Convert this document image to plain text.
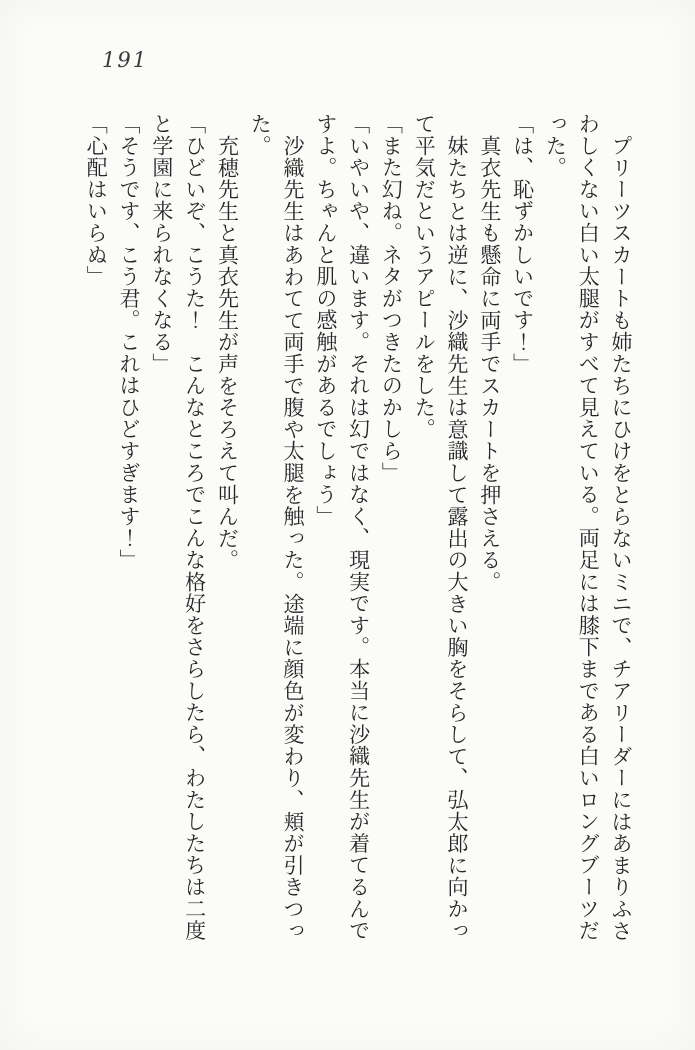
191

プリーツスカートも姉たちにひけをとらないミニで、チアリーダーにはあまりふさわしくない白い太腿がすべて見えている。両足には膝下まである白いロングブーツだった。

「は、恥ずかしいです！」

真衣先生も懸命に両手でスカートを押さえる。

妹たちとは逆に、沙織先生は意識して露出の大きい胸をそらして、弘太郎に向かって平気だというアピールをした。

「また幻ね。ネタがつきたのかしら」

「いやいや、違います。それは幻ではなく、現実です。本当に沙織先生が着てるんですよ。ちゃんと肌の感触があるでしょう」

沙織先生はあわてて両手で腹や太腿を触った。途端に顔色が変わり、頬が引きつった。

充穂先生と真衣先生が声をそろえて叫んだ。

「ひどいぞ、こうた！　こんなところでこんな格好をさらしたら、わたしたちは二度と学園に来られなくなる」

「そうです、こう君。これはひどすぎます！」

「心配はいらぬ」
